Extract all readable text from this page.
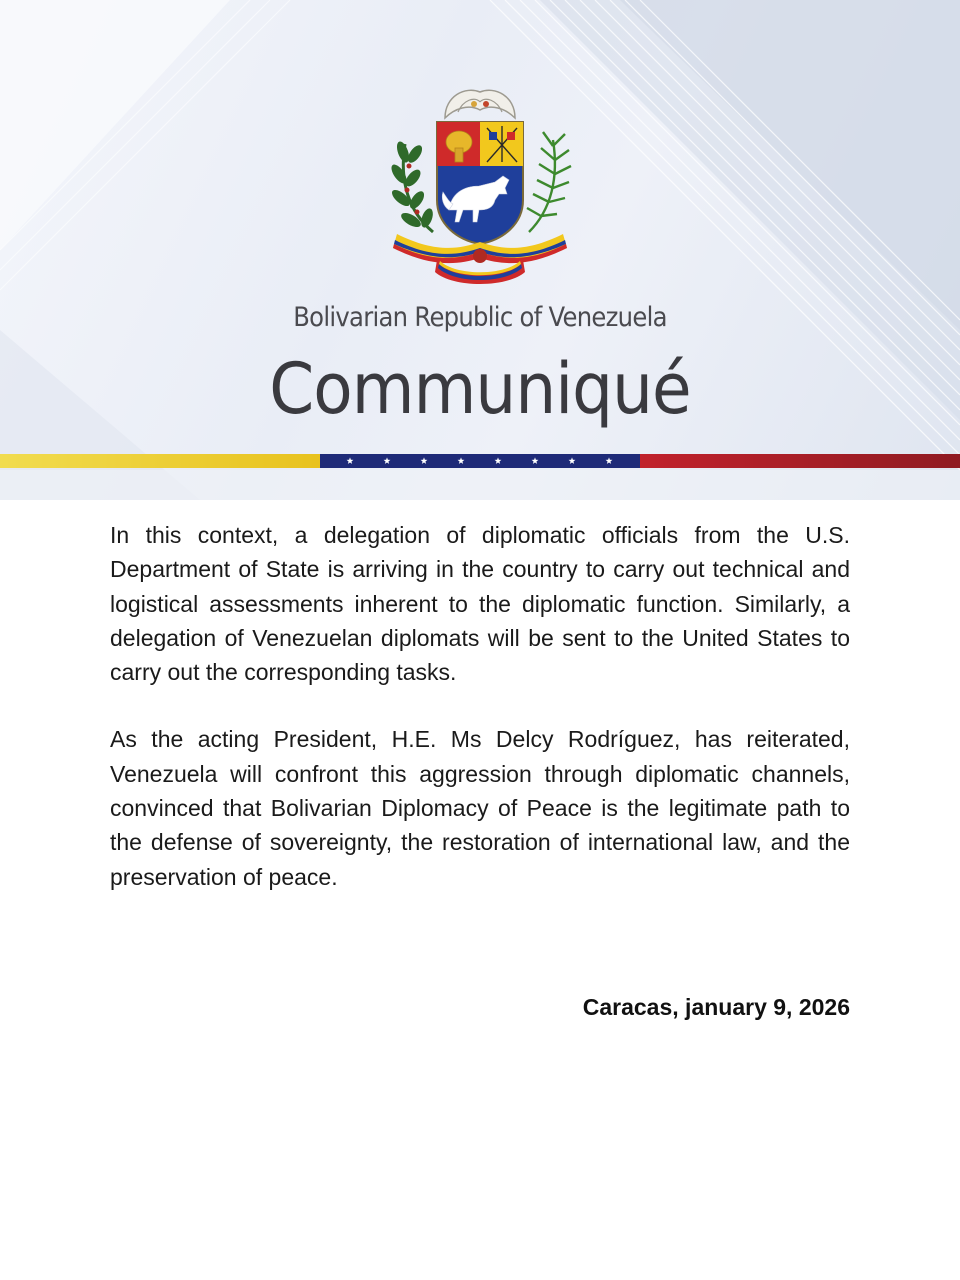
Bolivarian Republic of Venezuela
Communiqué

In this context, a delegation of diplomatic officials from the U.S. Department of State is arriving in the country to carry out technical and logistical assessments inherent to the diplomatic function. Similarly, a delegation of Venezuelan diplomats will be sent to the United States to carry out the corresponding tasks.

As the acting President, H.E. Ms Delcy Rodríguez, has reiterated, Venezuela will confront this aggression through diplomatic channels, convinced that Bolivarian Diplomacy of Peace is the legitimate path to the defense of sovereignty, the restoration of international law, and the preservation of peace.

Caracas, january 9, 2026
